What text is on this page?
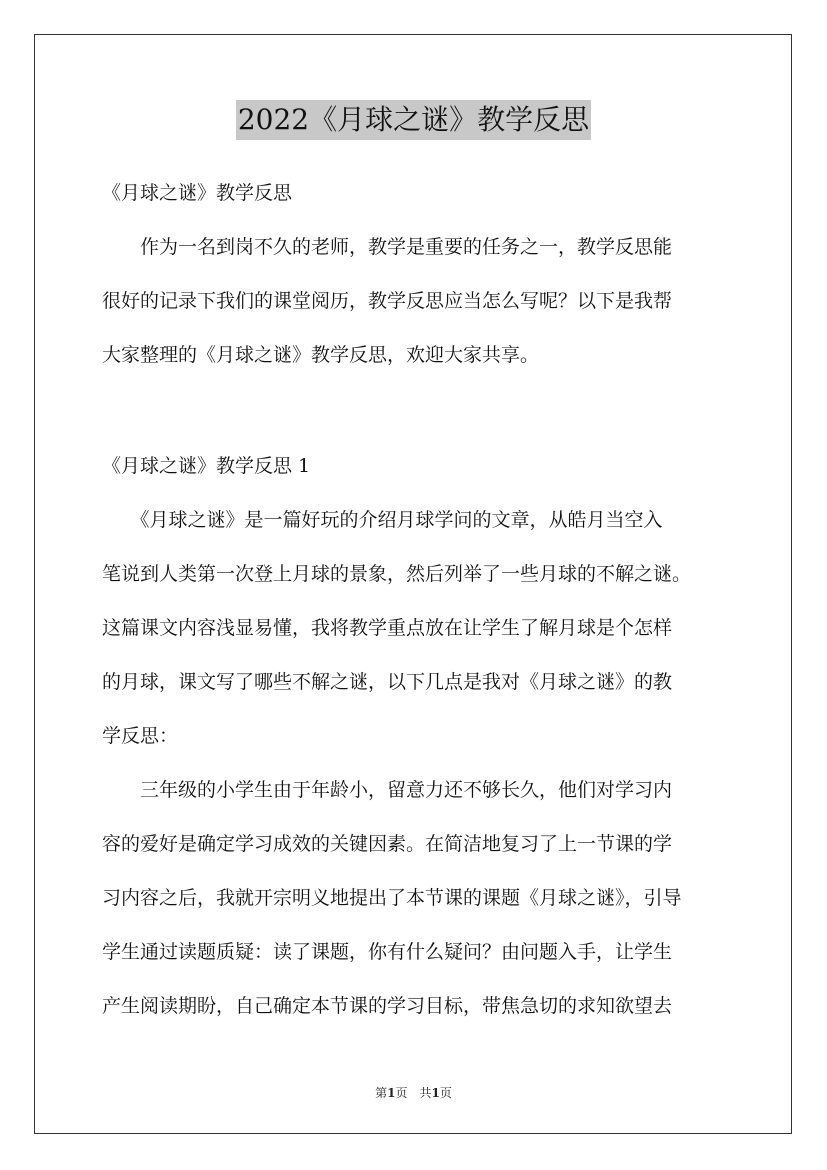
2022《月球之谜》教学反思
《月球之谜》教学反思
　　作为一名到岗不久的老师，教学是重要的任务之一，教学反思能
很好的记录下我们的课堂阅历，教学反思应当怎么写呢？以下是我帮
大家整理的《月球之谜》教学反思，欢迎大家共享。
《月球之谜》教学反思 1
　　《月球之谜》是一篇好玩的介绍月球学问的文章，从皓月当空入
笔说到人类第一次登上月球的景象，然后列举了一些月球的不解之谜。
这篇课文内容浅显易懂，我将教学重点放在让学生了解月球是个怎样
的月球，课文写了哪些不解之谜，以下几点是我对《月球之谜》的教
学反思：
　　三年级的小学生由于年龄小，留意力还不够长久，他们对学习内
容的爱好是确定学习成效的关键因素。在简洁地复习了上一节课的学
习内容之后，我就开宗明义地提出了本节课的课题《月球之谜》，引导
学生通过读题质疑：读了课题，你有什么疑问？由问题入手，让学生
产生阅读期盼，自己确定本节课的学习目标，带焦急切的求知欲望去
第1页　共1页
